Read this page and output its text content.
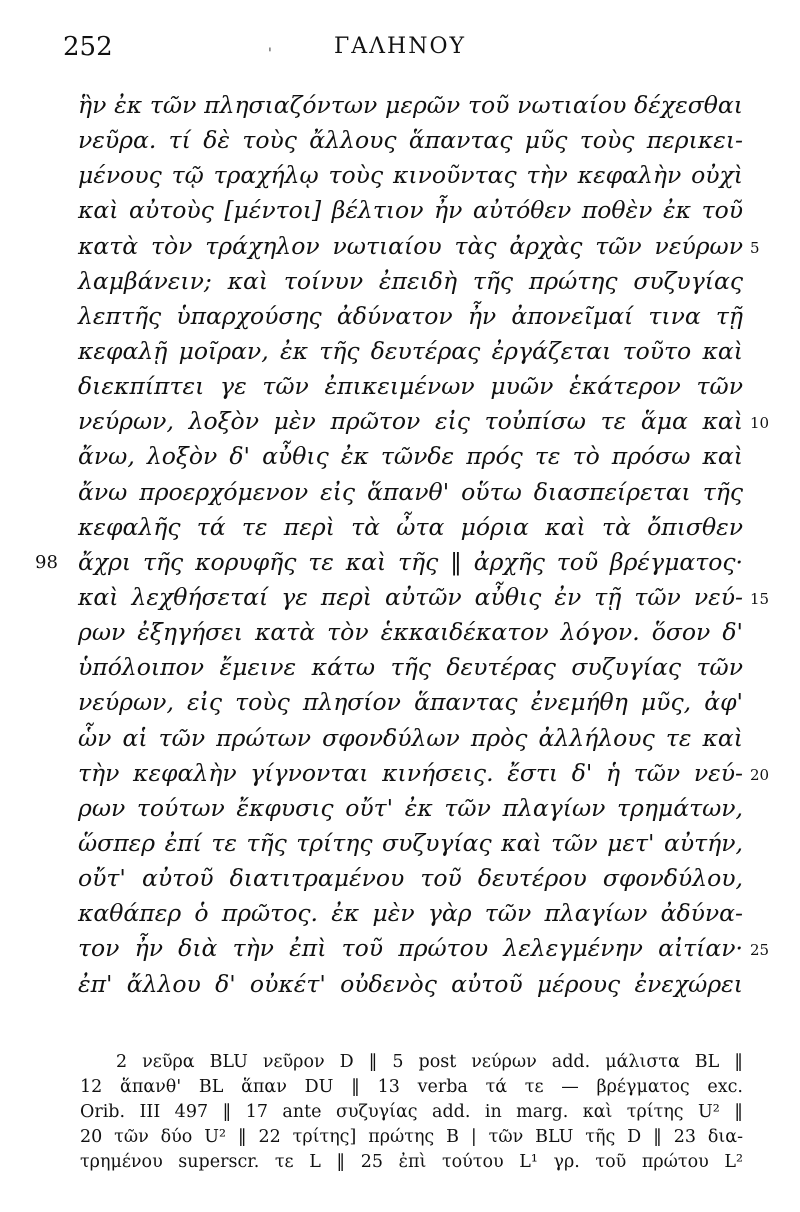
252	'	ΓΑΛΗΝΟΥ
ἣν ἐκ τῶν πλησιαζόντων μερῶν τοῦ νωτιαίου δέχεσθαι
νεῦρα. τί δὲ τοὺς ἄλλους ἅπαντας μῦς τοὺς περικει-
μένους τῷ τραχήλῳ τοὺς κινοῦντας τὴν κεφαλὴν οὐχὶ
καὶ αὐτοὺς [μέντοι] βέλτιον ἦν αὐτόθεν ποθὲν ἐκ τοῦ
κατὰ τὸν τράχηλον νωτιαίου τὰς ἀρχὰς τῶν νεύρων 5
λαμβάνειν; καὶ τοίνυν ἐπειδὴ τῆς πρώτης συζυγίας
λεπτῆς ὑπαρχούσης ἀδύνατον ἦν ἀπονεῖμαί τινα τῇ
κεφαλῇ μοῖραν, ἐκ τῆς δευτέρας ἐργάζεται τοῦτο καὶ
διεκπίπτει γε τῶν ἐπικειμένων μυῶν ἑκάτερον τῶν
νεύρων, λοξὸν μὲν πρῶτον εἰς τοὐπίσω τε ἅμα καὶ 10
ἄνω, λοξὸν δ' αὖθις ἐκ τῶνδε πρός τε τὸ πρόσω καὶ
ἄνω προερχόμενον εἰς ἅπανθ' οὕτω διασπείρεται τῆς
κεφαλῆς τά τε περὶ τὰ ὦτα μόρια καὶ τὰ ὄπισθεν
ἄχρι τῆς κορυφῆς τε καὶ τῆς ‖ ἀρχῆς τοῦ βρέγματος·
98
καὶ λεχθήσεταί γε περὶ αὐτῶν αὖθις ἐν τῇ τῶν νεύ- 15
ρων ἐξηγήσει κατὰ τὸν ἑκκαιδέκατον λόγον. ὅσον δ'
ὑπόλοιπον ἔμεινε κάτω τῆς δευτέρας συζυγίας τῶν
νεύρων, εἰς τοὺς πλησίον ἅπαντας ἐνεμήθη μῦς, ἀφ'
ὧν αἱ τῶν πρώτων σφονδύλων πρὸς ἀλλήλους τε καὶ
τὴν κεφαλὴν γίγνονται κινήσεις. ἔστι δ' ἡ τῶν νεύ- 20
ρων τούτων ἔκφυσις οὔτ' ἐκ τῶν πλαγίων τρημάτων,
ὥσπερ ἐπί τε τῆς τρίτης συζυγίας καὶ τῶν μετ' αὐτήν,
οὔτ' αὐτοῦ διατιτραμένου τοῦ δευτέρου σφονδύλου,
καθάπερ ὁ πρῶτος. ἐκ μὲν γὰρ τῶν πλαγίων ἀδύνα-
τον ἦν διὰ τὴν ἐπὶ τοῦ πρώτου λελεγμένην αἰτίαν· 25
ἐπ' ἄλλου δ' οὐκέτ' οὐδενὸς αὐτοῦ μέρους ἐνεχώρει
2 νεῦρα BLU νεῦρον D ‖ 5 post νεύρων add. μάλιστα BL ‖
12 ἅπανθ' BL ἅπαν DU ‖ 13 verba τά τε — βρέγματος exc.
Orib. III 497 ‖ 17 ante συζυγίας add. in marg. καὶ τρίτης U² ‖
20 τῶν δύο U² ‖ 22 τρίτης] πρώτης B | τῶν BLU τῆς D ‖ 23 δια-
τρημένου superscr. τε L ‖ 25 ἐπὶ τούτου L¹ γρ. τοῦ πρώτου L²
